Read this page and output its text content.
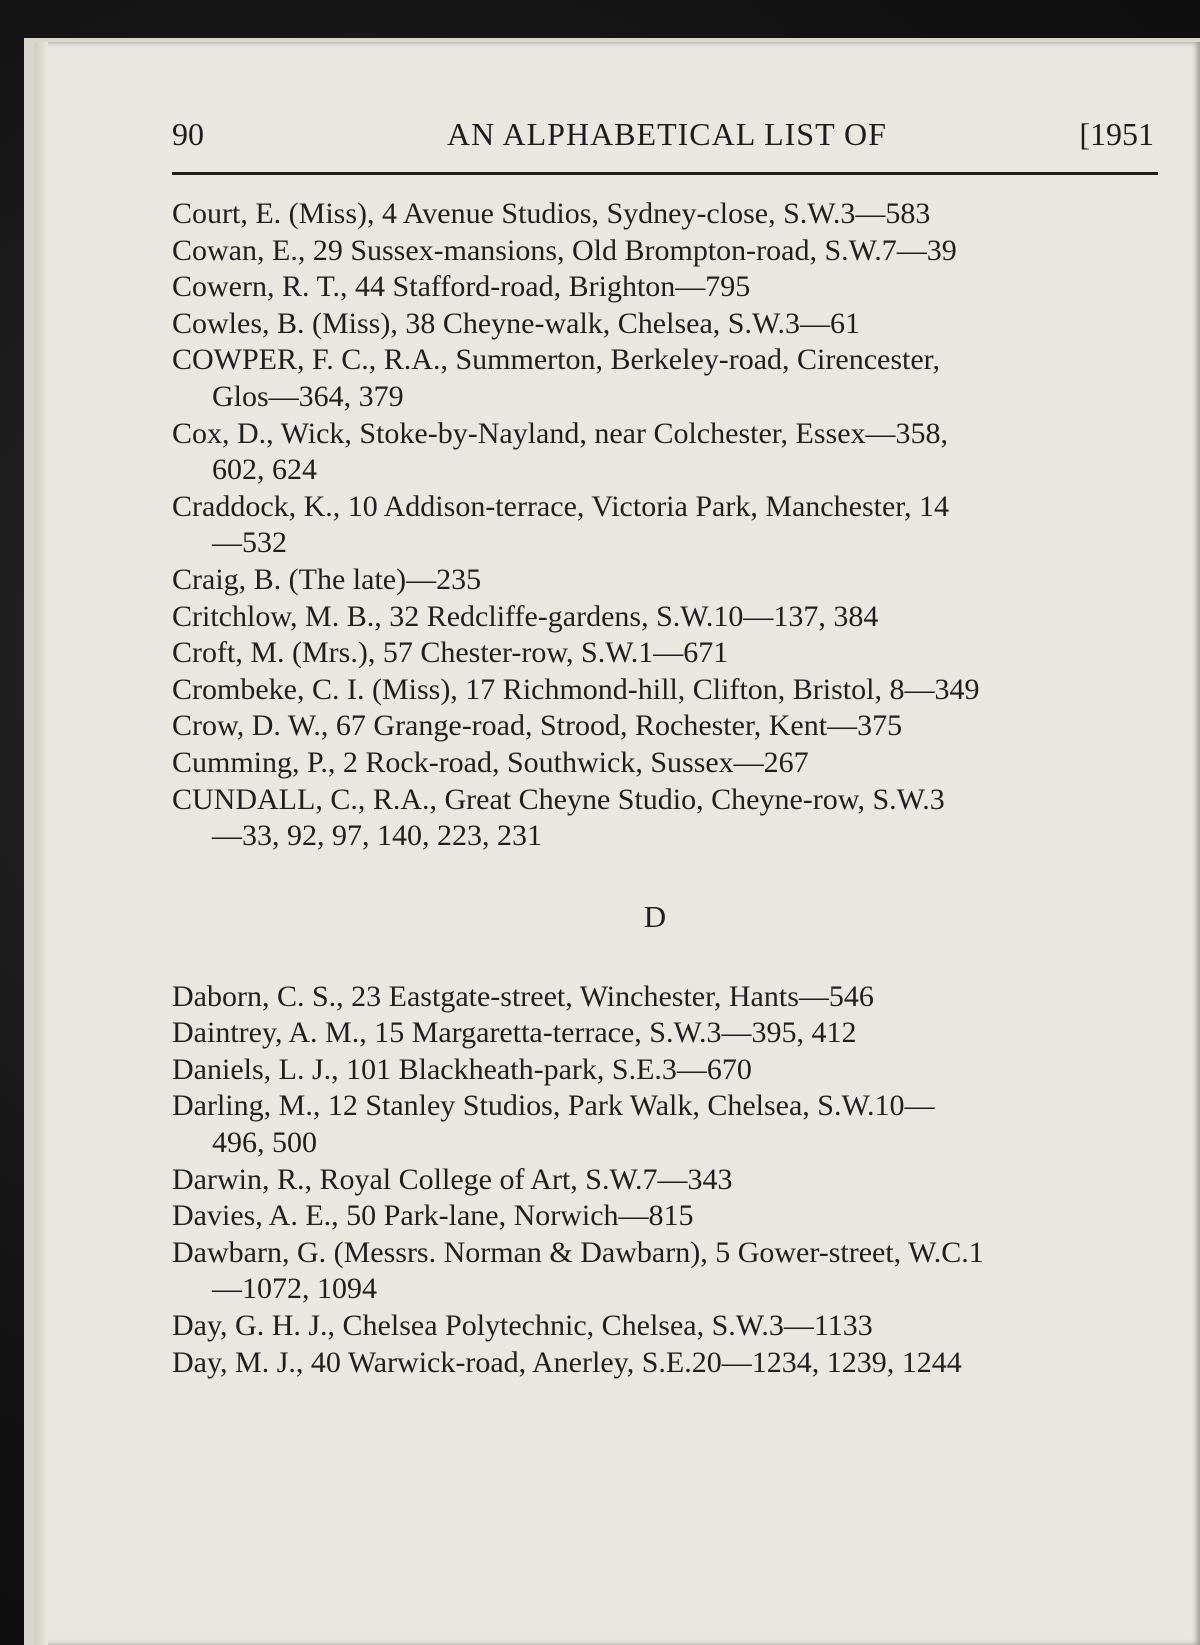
90	AN ALPHABETICAL LIST OF	[1951

Court, E. (Miss), 4 Avenue Studios, Sydney-close, S.W.3—583

Cowan, E., 29 Sussex-mansions, Old Brompton-road, S.W.7—39

Cowern, R. T., 44 Stafford-road, Brighton—795

Cowles, B. (Miss), 38 Cheyne-walk, Chelsea, S.W.3—61

COWPER, F. C., R.A., Summerton, Berkeley-road, Cirencester,

Glos—364, 379

Cox, D., Wick, Stoke-by-Nayland, near Colchester, Essex—358,

602, 624

Craddock, K., 10 Addison-terrace, Victoria Park, Manchester, 14

—532

Craig, B. (The late)—235

Critchlow, M. B., 32 Redcliffe-gardens, S.W.10—137, 384

Croft, M. (Mrs.), 57 Chester-row, S.W.1—671

Crombeke, C. I. (Miss), 17 Richmond-hill, Clifton, Bristol, 8—349

Crow, D. W., 67 Grange-road, Strood, Rochester, Kent—375

Cumming, P., 2 Rock-road, Southwick, Sussex—267

CUNDALL, C., R.A., Great Cheyne Studio, Cheyne-row, S.W.3

—33, 92, 97, 140, 223, 231

D

Daborn, C. S., 23 Eastgate-street, Winchester, Hants—546

Daintrey, A. M., 15 Margaretta-terrace, S.W.3—395, 412

Daniels, L. J., 101 Blackheath-park, S.E.3—670

Darling, M., 12 Stanley Studios, Park Walk, Chelsea, S.W.10—

496, 500

Darwin, R., Royal College of Art, S.W.7—343

Davies, A. E., 50 Park-lane, Norwich—815

Dawbarn, G. (Messrs. Norman & Dawbarn), 5 Gower-street, W.C.1

—1072, 1094

Day, G. H. J., Chelsea Polytechnic, Chelsea, S.W.3—1133

Day, M. J., 40 Warwick-road, Anerley, S.E.20—1234, 1239, 1244
